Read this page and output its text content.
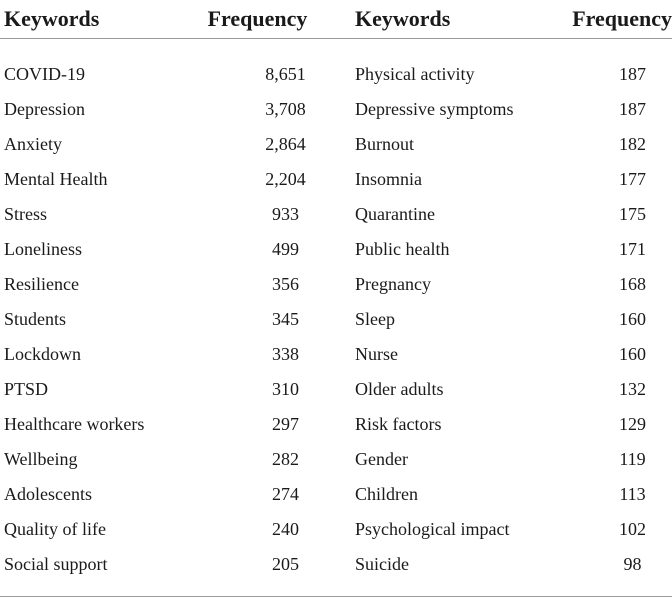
Keywords	Frequency	Keywords	Frequency
COVID-19	8,651	Physical activity	187
Depression	3,708	Depressive symptoms	187
Anxiety	2,864	Burnout	182
Mental Health	2,204	Insomnia	177
Stress	933	Quarantine	175
Loneliness	499	Public health	171
Resilience	356	Pregnancy	168
Students	345	Sleep	160
Lockdown	338	Nurse	160
PTSD	310	Older adults	132
Healthcare workers	297	Risk factors	129
Wellbeing	282	Gender	119
Adolescents	274	Children	113
Quality of life	240	Psychological impact	102
Social support	205	Suicide	98
